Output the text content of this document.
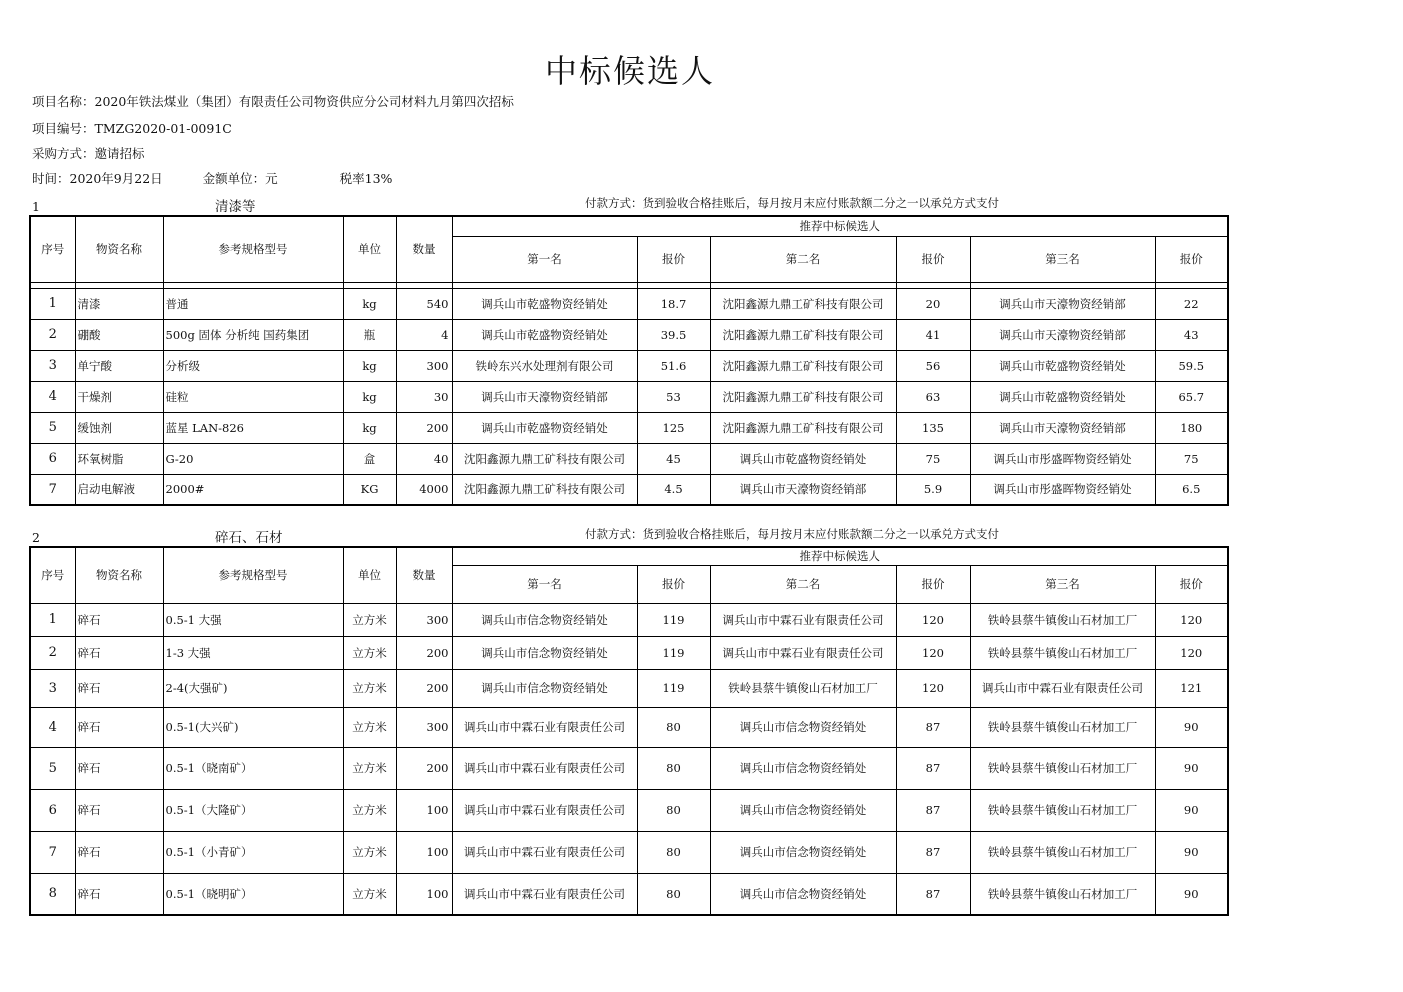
中标候选人
项目名称：2020年铁法煤业（集团）有限责任公司物资供应分公司材料九月第四次招标
项目编号：TMZG2020-01-0091C
采购方式：邀请招标
时间：2020年9月22日	金额单位：元	税率13%
1	清漆等	付款方式：货到验收合格挂账后，每月按月末应付账款额二分之一以承兑方式支付
序号	物资名称	参考规格型号	单位	数量	推荐中标候选人					
					第一名	报价	第二名	报价	第三名	报价

1	清漆	普通	kg	540	调兵山市乾盛物资经销处	18.7	沈阳鑫源九鼎工矿科技有限公司	20	调兵山市天濠物资经销部	22
2	硼酸	500g 固体 分析纯 国药集团	瓶	4	调兵山市乾盛物资经销处	39.5	沈阳鑫源九鼎工矿科技有限公司	41	调兵山市天濠物资经销部	43
3	单宁酸	分析级	kg	300	铁岭东兴水处理剂有限公司	51.6	沈阳鑫源九鼎工矿科技有限公司	56	调兵山市乾盛物资经销处	59.5
4	干燥剂	硅粒	kg	30	调兵山市天濠物资经销部	53	沈阳鑫源九鼎工矿科技有限公司	63	调兵山市乾盛物资经销处	65.7
5	缓蚀剂	蓝星 LAN-826	kg	200	调兵山市乾盛物资经销处	125	沈阳鑫源九鼎工矿科技有限公司	135	调兵山市天濠物资经销部	180
6	环氧树脂	G-20	盒	40	沈阳鑫源九鼎工矿科技有限公司	45	调兵山市乾盛物资经销处	75	调兵山市彤盛晖物资经销处	75
7	启动电解液	2000#	KG	4000	沈阳鑫源九鼎工矿科技有限公司	4.5	调兵山市天濠物资经销部	5.9	调兵山市彤盛晖物资经销处	6.5
2	碎石、石材	付款方式：货到验收合格挂账后，每月按月末应付账款额二分之一以承兑方式支付
序号	物资名称	参考规格型号	单位	数量	推荐中标候选人					
					第一名	报价	第二名	报价	第三名	报价
1	碎石	0.5-1 大强	立方米	300	调兵山市信念物资经销处	119	调兵山市中霖石业有限责任公司	120	铁岭县蔡牛镇俊山石材加工厂	120
2	碎石	1-3 大强	立方米	200	调兵山市信念物资经销处	119	调兵山市中霖石业有限责任公司	120	铁岭县蔡牛镇俊山石材加工厂	120
3	碎石	2-4(大强矿)	立方米	200	调兵山市信念物资经销处	119	铁岭县蔡牛镇俊山石材加工厂	120	调兵山市中霖石业有限责任公司	121
4	碎石	0.5-1(大兴矿)	立方米	300	调兵山市中霖石业有限责任公司	80	调兵山市信念物资经销处	87	铁岭县蔡牛镇俊山石材加工厂	90
5	碎石	0.5-1（晓南矿）	立方米	200	调兵山市中霖石业有限责任公司	80	调兵山市信念物资经销处	87	铁岭县蔡牛镇俊山石材加工厂	90
6	碎石	0.5-1（大隆矿）	立方米	100	调兵山市中霖石业有限责任公司	80	调兵山市信念物资经销处	87	铁岭县蔡牛镇俊山石材加工厂	90
7	碎石	0.5-1（小青矿）	立方米	100	调兵山市中霖石业有限责任公司	80	调兵山市信念物资经销处	87	铁岭县蔡牛镇俊山石材加工厂	90
8	碎石	0.5-1（晓明矿）	立方米	100	调兵山市中霖石业有限责任公司	80	调兵山市信念物资经销处	87	铁岭县蔡牛镇俊山石材加工厂	90
